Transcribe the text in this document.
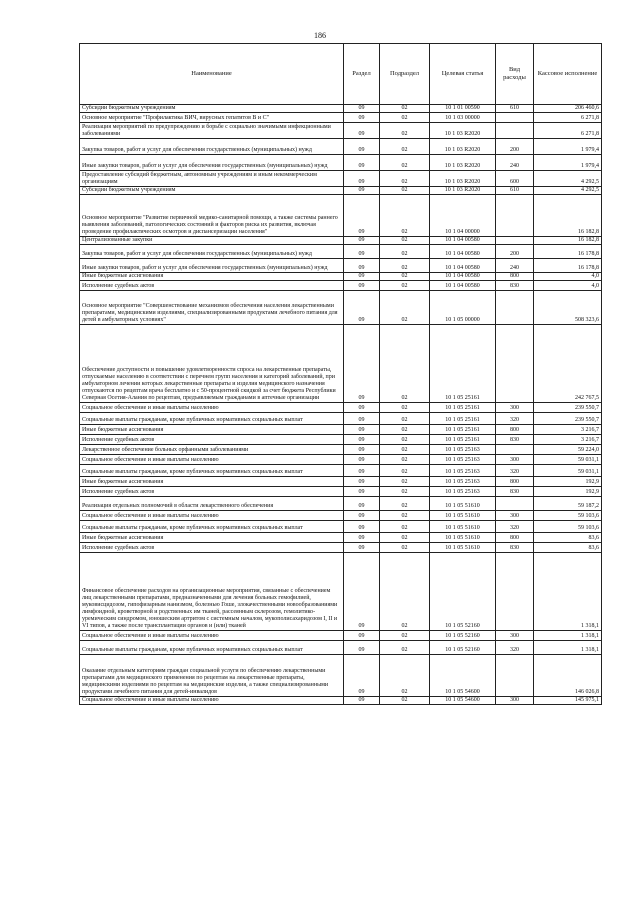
186
Наименование	Раздел	Подраздел	Целевая статья	Вид расходы	Кассовое исполнение
Субсидии бюджетным учреждениям	09	02	10 1 01 00590	610	206 460,6
Основное мероприятие "Профилактика ВИЧ, вирусных гепатитов В и С"	09	02	10 1 03 00000		6 271,8
Реализация мероприятий по предупреждению и борьбе с социально значимыми инфекционными заболеваниями	09	02	10 1 03 R2020		6 271,8
Закупка товаров, работ и услуг для обеспечения государственных (муниципальных) нужд	09	02	10 1 03 R2020	200	1 979,4
Иные закупки товаров, работ и услуг для обеспечения государственных (муниципальных) нужд	09	02	10 1 03 R2020	240	1 979,4
Предоставление субсидий бюджетным, автономным учреждениям и иным некоммерческим организациям	09	02	10 1 03 R2020	600	4 292,5
Субсидии бюджетным учреждениям	09	02	10 1 03 R2020	610	4 292,5
Основное мероприятие "Развитие первичной медико-санитарной помощи, а также системы раннего выявления заболеваний, патологических состояний и факторов риска их развития, включая проведение профилактических осмотров и диспансеризации населения"	09	02	10 1 04 00000		16 182,8
Централизованные закупки	09	02	10 1 04 00580		16 182,8
Закупка товаров, работ и услуг для обеспечения государственных (муниципальных) нужд	09	02	10 1 04 00580	200	16 178,8
Иные закупки товаров, работ и услуг для обеспечения государственных (муниципальных) нужд	09	02	10 1 04 00580	240	16 178,8
Иные бюджетные ассигнования	09	02	10 1 04 00580	800	4,0
Исполнение судебных актов	09	02	10 1 04 00580	830	4,0
Основное мероприятие "Совершенствование механизмов обеспечения населения лекарственными препаратами, медицинскими изделиями, специализированными продуктами лечебного питания для детей в амбулаторных условиях"	09	02	10 1 05 00000		508 323,6
Обеспечение доступности и повышение удовлетворенности спроса на лекарственные препараты, отпускаемые населению в соответствии с перечнем групп населения и категорий заболеваний, при амбулаторном лечении которых лекарственные препараты и изделия медицинского назначения отпускаются по рецептам врача бесплатно и с 50-процентной скидкой за счет бюджета Республики Северная Осетия-Алания по рецептам, предъявляемым гражданами в аптечные организации	09	02	10 1 05 25161		242 767,5
Социальное обеспечение и иные выплаты населению	09	02	10 1 05 25161	300	239 550,7
Социальные выплаты гражданам, кроме публичных нормативных социальных выплат	09	02	10 1 05 25161	320	239 550,7
Иные бюджетные ассигнования	09	02	10 1 05 25161	800	3 216,7
Исполнение судебных актов	09	02	10 1 05 25161	830	3 216,7
Лекарственное обеспечение больных орфанными заболеваниями	09	02	10 1 05 25163		59 224,0
Социальное обеспечение и иные выплаты населению	09	02	10 1 05 25163	300	59 031,1
Социальные выплаты гражданам, кроме публичных нормативных социальных выплат	09	02	10 1 05 25163	320	59 031,1
Иные бюджетные ассигнования	09	02	10 1 05 25163	800	192,9
Исполнение судебных актов	09	02	10 1 05 25163	830	192,9
Реализация отдельных полномочий в области лекарственного обеспечения	09	02	10 1 05 51610		59 187,2
Социальное обеспечение и иные выплаты населению	09	02	10 1 05 51610	300	59 103,6
Социальные выплаты гражданам, кроме публичных нормативных социальных выплат	09	02	10 1 05 51610	320	59 103,6
Иные бюджетные ассигнования	09	02	10 1 05 51610	800	83,6
Исполнение судебных актов	09	02	10 1 05 51610	830	83,6
Финансовое обеспечение расходов на организационные мероприятия, связанные с обеспечением лиц лекарственными препаратами, предназначенными для лечения больных гемофилией, муковисцидозом, гипофизарным нанизмом, болезнью Гоше, злокачественными новообразованиями лимфоидной, кроветворной и родственных им тканей, рассеянным склерозом, гемолитико-уремическим синдромом, юношеским артритом с системным началом, мукополисахаридозом I, II и VI типов, а также после трансплантации органов и (или) тканей	09	02	10 1 05 52160		1 318,1
Социальное обеспечение и иные выплаты населению	09	02	10 1 05 52160	300	1 318,1
Социальные выплаты гражданам, кроме публичных нормативных социальных выплат	09	02	10 1 05 52160	320	1 318,1
Оказание отдельным категориям граждан социальной услуги по обеспечению лекарственными препаратами для медицинского применения по рецептам на лекарственные препараты, медицинскими изделиями по рецептам на медицинские изделия, а также специализированными продуктами лечебного питания для детей-инвалидов	09	02	10 1 05 54600		146 026,8
Социальное обеспечение и иные выплаты населению	09	02	10 1 05 54600	300	145 975,1
